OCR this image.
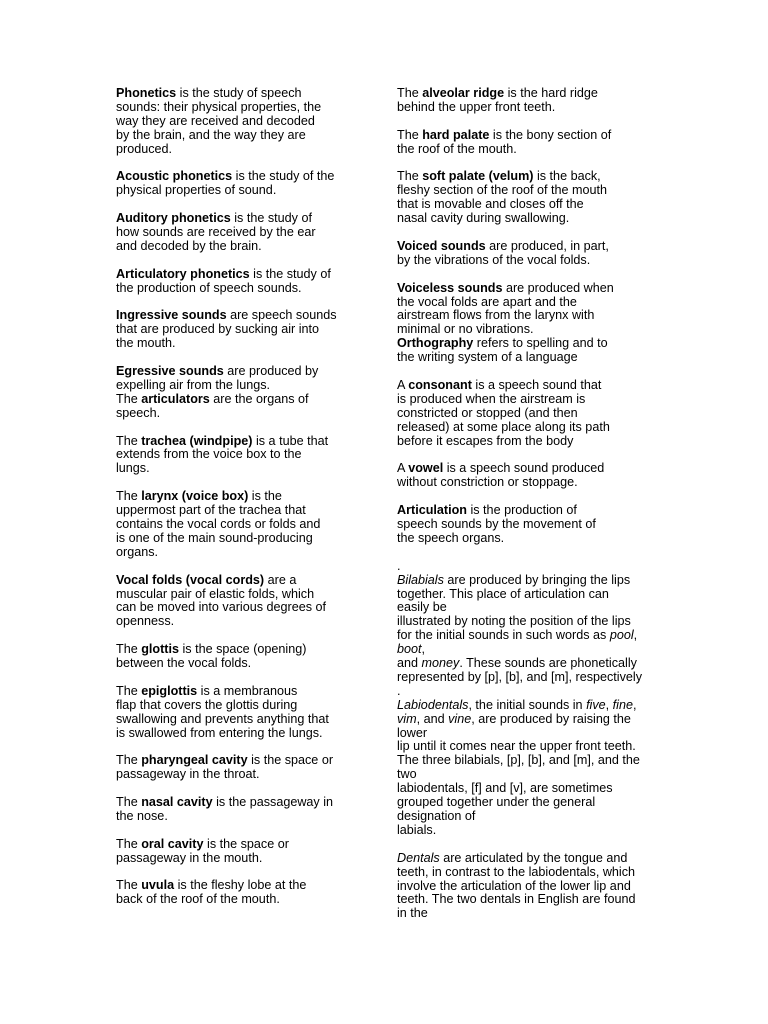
Phonetics is the study of speech
sounds: their physical properties, the
way they are received and decoded
by the brain, and the way they are
produced.

Acoustic phonetics is the study of the
physical properties of sound.

Auditory phonetics is the study of
how sounds are received by the ear
and decoded by the brain.

Articulatory phonetics is the study of
the production of speech sounds.

Ingressive sounds are speech sounds
that are produced by sucking air into
the mouth.

Egressive sounds are produced by
expelling air from the lungs.

The articulators are the organs of
speech.

The trachea (windpipe) is a tube that
extends from the voice box to the
lungs.

The larynx (voice box) is the
uppermost part of the trachea that
contains the vocal cords or folds and
is one of the main sound-producing
organs.

Vocal folds (vocal cords) are a
muscular pair of elastic folds, which
can be moved into various degrees of
openness.

The glottis is the space (opening)
between the vocal folds.

The epiglottis is a membranous
flap that covers the glottis during
swallowing and prevents anything that
is swallowed from entering the lungs.

The pharyngeal cavity is the space or
passageway in the throat.

The nasal cavity is the passageway in
the nose.

The oral cavity is the space or
passageway in the mouth.

The uvula is the fleshy lobe at the
back of the roof of the mouth.

The alveolar ridge is the hard ridge
behind the upper front teeth.

The hard palate is the bony section of
the roof of the mouth.

The soft palate (velum) is the back,
fleshy section of the roof of the mouth
that is movable and closes off the
nasal cavity during swallowing.

Voiced sounds are produced, in part,
by the vibrations of the vocal folds.

Voiceless sounds are produced when
the vocal folds are apart and the
airstream flows from the larynx with
minimal or no vibrations.

Orthography refers to spelling and to
the writing system of a language

A consonant is a speech sound that
is produced when the airstream is
constricted or stopped (and then
released) at some place along its path
before it escapes from the body

A vowel is a speech sound produced
without constriction or stoppage.

Articulation is the production of
speech sounds by the movement of
the speech organs.

.

Bilabials are produced by bringing the lips
together. This place of articulation can
easily be
illustrated by noting the position of the lips
for the initial sounds in such words as pool,
boot,
and money. These sounds are phonetically
represented by [p], [b], and [m], respectively
.

Labiodentals, the initial sounds in five, fine,
vim, and vine, are produced by raising the
lower
lip until it comes near the upper front teeth.
The three bilabials, [p], [b], and [m], and the
two
labiodentals, [f] and [v], are sometimes
grouped together under the general
designation of
labials.

Dentals are articulated by the tongue and
teeth, in contrast to the labiodentals, which
involve the articulation of the lower lip and
teeth. The two dentals in English are found
in the
